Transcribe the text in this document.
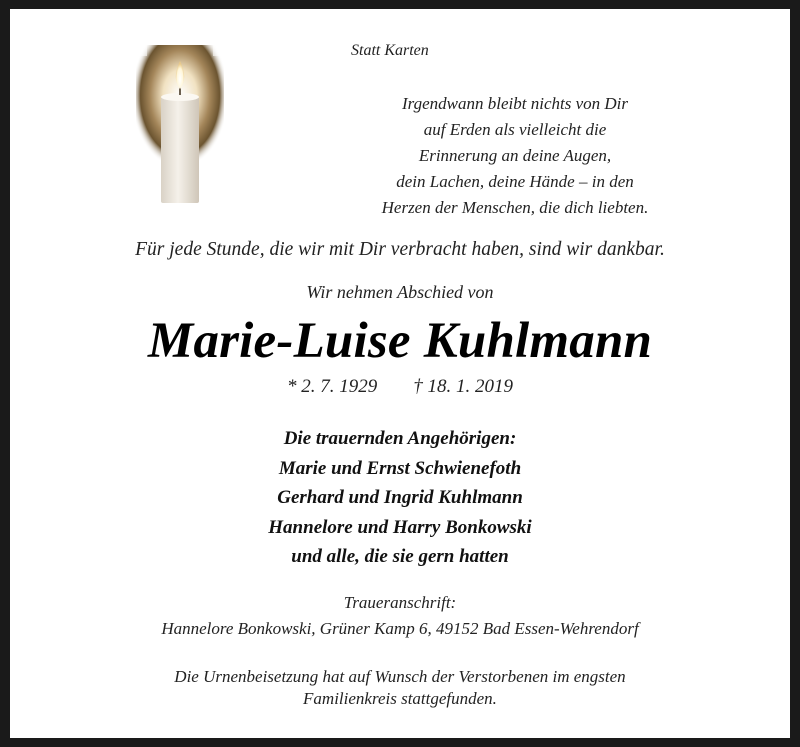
Statt Karten
Irgendwann bleibt nichts von Dir
auf Erden als vielleicht die
Erinnerung an deine Augen,
dein Lachen, deine Hände – in den
Herzen der Menschen, die dich liebten.
Für jede Stunde, die wir mit Dir verbracht haben, sind wir dankbar.
Wir nehmen Abschied von
Marie-Luise Kuhlmann
* 2. 7. 1929 † 18. 1. 2019
Die trauernden Angehörigen:
Marie und Ernst Schwienefoth
Gerhard und Ingrid Kuhlmann
Hannelore und Harry Bonkowski
und alle, die sie gern hatten
Traueranschrift:
Hannelore Bonkowski, Grüner Kamp 6, 49152 Bad Essen-Wehrendorf
Die Urnenbeisetzung hat auf Wunsch der Verstorbenen im engsten
Familienkreis stattgefunden.
